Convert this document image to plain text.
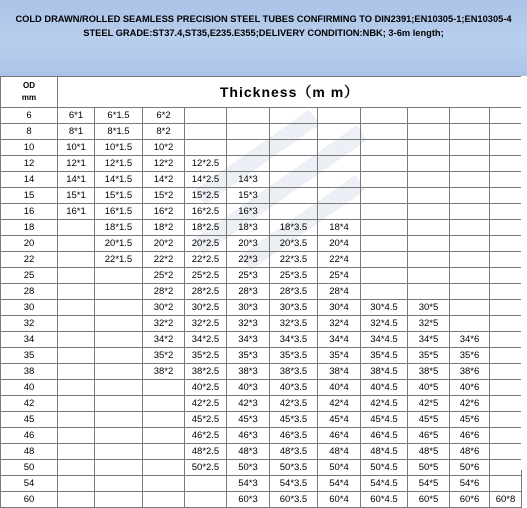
COLD DRAWN/ROLLED SEAMLESS PRECISION STEEL TUBES CONFIRMING TO DIN2391;EN10305-1;EN10305-4
STEEL GRADE:ST37.4,ST35,E235.E355;DELIVERY CONDITION:NBK; 3-6m length;
OD
mm	Thickness（m m）										
6	6*1	6*1.5	6*2								
8	8*1	8*1.5	8*2								
10	10*1	10*1.5	10*2								
12	12*1	12*1.5	12*2	12*2.5							
14	14*1	14*1.5	14*2	14*2.5	14*3						
15	15*1	15*1.5	15*2	15*2.5	15*3						
16	16*1	16*1.5	16*2	16*2.5	16*3						
18		18*1.5	18*2	18*2.5	18*3	18*3.5	18*4				
20		20*1.5	20*2	20*2.5	20*3	20*3.5	20*4				
22		22*1.5	22*2	22*2.5	22*3	22*3.5	22*4				
25			25*2	25*2.5	25*3	25*3.5	25*4				
28			28*2	28*2.5	28*3	28*3.5	28*4				
30			30*2	30*2.5	30*3	30*3.5	30*4	30*4.5	30*5		
32			32*2	32*2.5	32*3	32*3.5	32*4	32*4.5	32*5		
34			34*2	34*2.5	34*3	34*3.5	34*4	34*4.5	34*5	34*6	
35			35*2	35*2.5	35*3	35*3.5	35*4	35*4.5	35*5	35*6	
38			38*2	38*2.5	38*3	38*3.5	38*4	38*4.5	38*5	38*6	
40				40*2.5	40*3	40*3.5	40*4	40*4.5	40*5	40*6	
42				42*2.5	42*3	42*3.5	42*4	42*4.5	42*5	42*6	
45				45*2.5	45*3	45*3.5	45*4	45*4.5	45*5	45*6	
46				46*2.5	46*3	46*3.5	46*4	46*4.5	46*5	46*6	
48				48*2.5	48*3	48*3.5	48*4	48*4.5	48*5	48*6	
50				50*2.5	50*3	50*3.5	50*4	50*4.5	50*5	50*6	
54					54*3	54*3.5	54*4	54*4.5	54*5	54*6	
60					60*3	60*3.5	60*4	60*4.5	60*5	60*6	60*8
